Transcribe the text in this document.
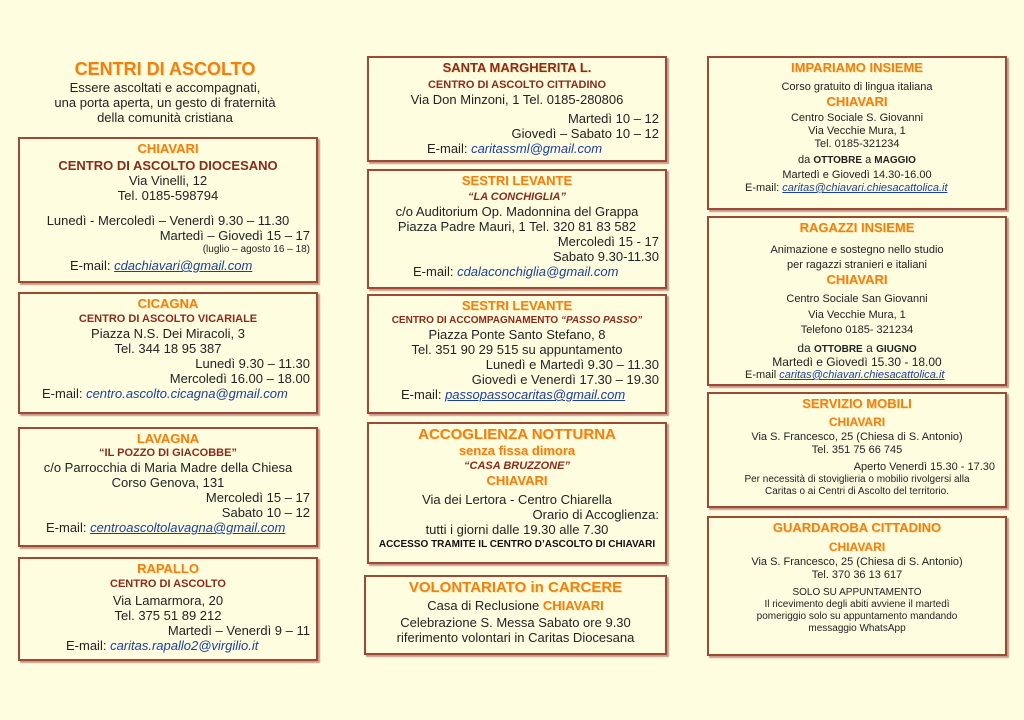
CENTRI DI ASCOLTO
Essere ascoltati e accompagnati,
una porta aperta, un gesto di fraternità
della comunità cristiana
CHIAVARI
CENTRO DI ASCOLTO DIOCESANO
Via Vinelli, 12
Tel. 0185-598794
Lunedì - Mercoledì – Venerdì 9.30 – 11.30
Martedì – Giovedì 15 – 17
(luglio – agosto 16 – 18)
E-mail: cdachiavari@gmail.com
CICAGNA
CENTRO DI ASCOLTO VICARIALE
Piazza N.S. Dei Miracoli, 3
Tel. 344 18 95 387
Lunedì 9.30 – 11.30
Mercoledì 16.00 – 18.00
E-mail: centro.ascolto.cicagna@gmail.com
LAVAGNA
“IL POZZO DI GIACOBBE”
c/o Parrocchia di Maria Madre della Chiesa
Corso Genova, 131
Mercoledì 15 – 17
Sabato 10 – 12
E-mail: centroascoltolavagna@gmail.com
RAPALLO
CENTRO DI ASCOLTO
Via Lamarmora, 20
Tel. 375 51 89 212
Martedì – Venerdì 9 – 11
E-mail: caritas.rapallo2@virgilio.it
SANTA MARGHERITA L.
CENTRO DI ASCOLTO CITTADINO
Via Don Minzoni, 1 Tel. 0185-280806
Martedì 10 – 12
Giovedì – Sabato 10 – 12
E-mail: caritassml@gmail.com
SESTRI LEVANTE
“LA CONCHIGLIA”
c/o Auditorium Op. Madonnina del Grappa
Piazza Padre Mauri, 1 Tel. 320 81 83 582
Mercoledì 15 - 17
Sabato 9.30-11.30
E-mail: cdalaconchiglia@gmail.com
SESTRI LEVANTE
CENTRO DI ACCOMPAGNAMENTO “PASSO PASSO”
Piazza Ponte Santo Stefano, 8
Tel. 351 90 29 515 su appuntamento
Lunedì e Martedì 9.30 – 11.30
Giovedì e Venerdì 17.30 – 19.30
E-mail: passopassocaritas@gmail.com
ACCOGLIENZA NOTTURNA
senza fissa dimora
“CASA BRUZZONE”
CHIAVARI
Via dei Lertora - Centro Chiarella
Orario di Accoglienza:
tutti i giorni dalle 19.30 alle 7.30
ACCESSO TRAMITE IL CENTRO D’ASCOLTO DI CHIAVARI
VOLONTARIATO in CARCERE
Casa di Reclusione CHIAVARI
Celebrazione S. Messa Sabato ore 9.30
riferimento volontari in Caritas Diocesana
IMPARIAMO INSIEME
Corso gratuito di lingua italiana
CHIAVARI
Centro Sociale S. Giovanni
Via Vecchie Mura, 1
Tel. 0185-321234
da OTTOBRE a MAGGIO
Martedì e Giovedì 14.30-16.00
E-mail: caritas@chiavari.chiesacattolica.it
RAGAZZI INSIEME
Animazione e sostegno nello studio
per ragazzi stranieri e italiani
CHIAVARI
Centro Sociale San Giovanni
Via Vecchie Mura, 1
Telefono 0185- 321234
da OTTOBRE a GIUGNO
Martedì e Giovedì 15.30 - 18.00
E-mail caritas@chiavari.chiesacattolica.it
SERVIZIO MOBILI
CHIAVARI
Via S. Francesco, 25 (Chiesa di S. Antonio)
Tel. 351 75 66 745
Aperto Venerdì 15.30 - 17.30
Per necessità di stoviglieria o mobilio rivolgersi alla
Caritas o ai Centri di Ascolto del territorio.
GUARDAROBA CITTADINO
CHIAVARI
Via S. Francesco, 25 (Chiesa di S. Antonio)
Tel. 370 36 13 617
SOLO SU APPUNTAMENTO
Il ricevimento degli abiti avviene il martedì
pomeriggio solo su appuntamento mandando
messaggio WhatsApp
